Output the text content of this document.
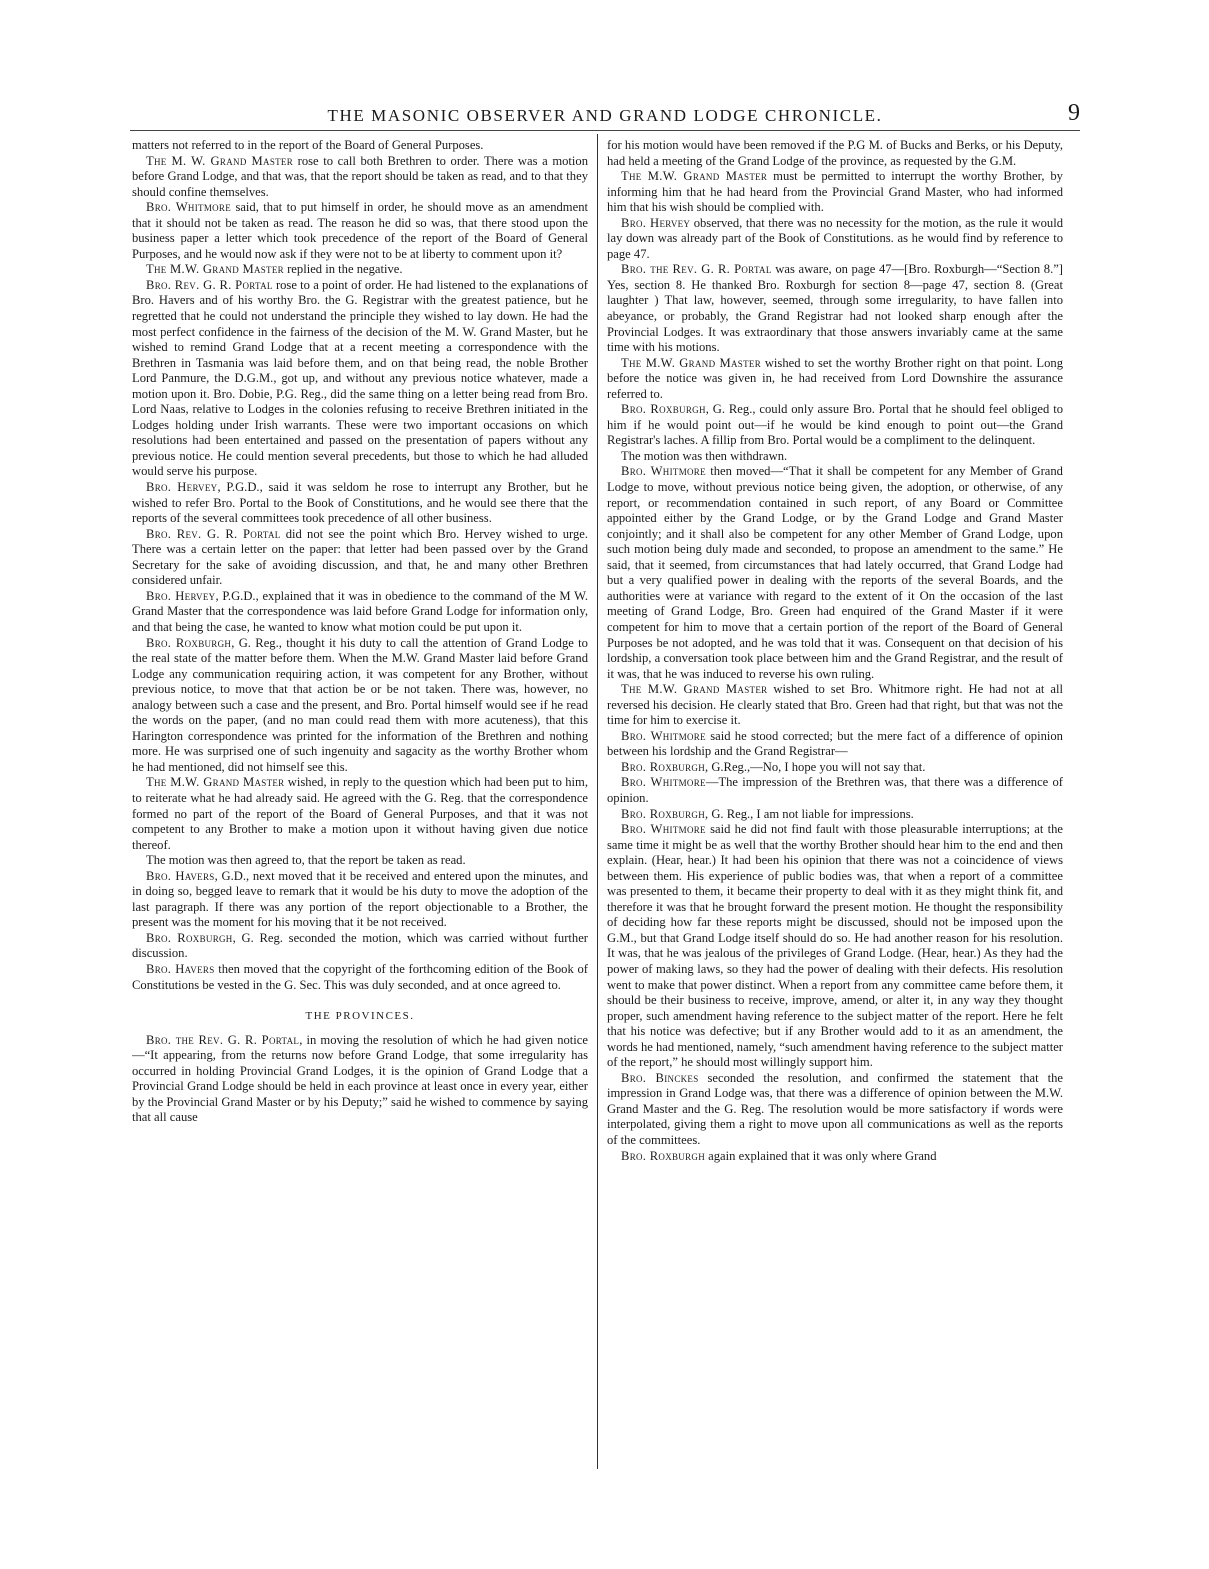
THE MASONIC OBSERVER AND GRAND LODGE CHRONICLE.	9

matters not referred to in the report of the Board of General Purposes.

The M. W. Grand Master rose to call both Brethren to order. There was a motion before Grand Lodge, and that was, that the report should be taken as read, and to that they should confine themselves.

Bro. Whitmore said, that to put himself in order, he should move as an amendment that it should not be taken as read. The reason he did so was, that there stood upon the business paper a letter which took precedence of the report of the Board of General Purposes, and he would now ask if they were not to be at liberty to comment upon it?

The M.W. Grand Master replied in the negative.

Bro. Rev. G. R. Portal rose to a point of order. He had listened to the explanations of Bro. Havers and of his worthy Bro. the G. Registrar with the greatest patience, but he regretted that he could not understand the principle they wished to lay down. He had the most perfect confidence in the fairness of the decision of the M. W. Grand Master, but he wished to remind Grand Lodge that at a recent meeting a correspondence with the Brethren in Tasmania was laid before them, and on that being read, the noble Brother Lord Panmure, the D.G.M., got up, and without any previous notice whatever, made a motion upon it. Bro. Dobie, P.G. Reg., did the same thing on a letter being read from Bro. Lord Naas, relative to Lodges in the colonies refusing to receive Brethren initiated in the Lodges holding under Irish warrants. These were two important occasions on which resolutions had been entertained and passed on the presentation of papers without any previous notice. He could mention several precedents, but those to which he had alluded would serve his purpose.

Bro. Hervey, P.G.D., said it was seldom he rose to interrupt any Brother, but he wished to refer Bro. Portal to the Book of Constitutions, and he would see there that the reports of the several committees took precedence of all other business.

Bro. Rev. G. R. Portal did not see the point which Bro. Hervey wished to urge. There was a certain letter on the paper: that letter had been passed over by the Grand Secretary for the sake of avoiding discussion, and that, he and many other Brethren considered unfair.

Bro. Hervey, P.G.D., explained that it was in obedience to the command of the M W. Grand Master that the correspondence was laid before Grand Lodge for information only, and that being the case, he wanted to know what motion could be put upon it.

Bro. Roxburgh, G. Reg., thought it his duty to call the attention of Grand Lodge to the real state of the matter before them. When the M.W. Grand Master laid before Grand Lodge any communication requiring action, it was competent for any Brother, without previous notice, to move that that action be or be not taken. There was, however, no analogy between such a case and the present, and Bro. Portal himself would see if he read the words on the paper, (and no man could read them with more acuteness), that this Harington correspondence was printed for the information of the Brethren and nothing more. He was surprised one of such ingenuity and sagacity as the worthy Brother whom he had mentioned, did not himself see this.

The M.W. Grand Master wished, in reply to the question which had been put to him, to reiterate what he had already said. He agreed with the G. Reg. that the correspondence formed no part of the report of the Board of General Purposes, and that it was not competent to any Brother to make a motion upon it without having given due notice thereof.

The motion was then agreed to, that the report be taken as read.

Bro. Havers, G.D., next moved that it be received and entered upon the minutes, and in doing so, begged leave to remark that it would be his duty to move the adoption of the last paragraph. If there was any portion of the report objectionable to a Brother, the present was the moment for his moving that it be not received.

Bro. Roxburgh, G. Reg. seconded the motion, which was carried without further discussion.

Bro. Havers then moved that the copyright of the forthcoming edition of the Book of Constitutions be vested in the G. Sec. This was duly seconded, and at once agreed to.

THE PROVINCES.

Bro. the Rev. G. R. Portal, in moving the resolution of which he had given notice—“It appearing, from the returns now before Grand Lodge, that some irregularity has occurred in holding Provincial Grand Lodges, it is the opinion of Grand Lodge that a Provincial Grand Lodge should be held in each province at least once in every year, either by the Provincial Grand Master or by his Deputy;” said he wished to commence by saying that all cause

for his motion would have been removed if the P.G M. of Bucks and Berks, or his Deputy, had held a meeting of the Grand Lodge of the province, as requested by the G.M.

The M.W. Grand Master must be permitted to interrupt the worthy Brother, by informing him that he had heard from the Provincial Grand Master, who had informed him that his wish should be complied with.

Bro. Hervey observed, that there was no necessity for the motion, as the rule it would lay down was already part of the Book of Constitutions. as he would find by reference to page 47.

Bro. the Rev. G. R. Portal was aware, on page 47—[Bro. Roxburgh—“Section 8.”] Yes, section 8. He thanked Bro. Roxburgh for section 8—page 47, section 8. (Great laughter ) That law, however, seemed, through some irregularity, to have fallen into abeyance, or probably, the Grand Registrar had not looked sharp enough after the Provincial Lodges. It was extraordinary that those answers invariably came at the same time with his motions.

The M.W. Grand Master wished to set the worthy Brother right on that point. Long before the notice was given in, he had received from Lord Downshire the assurance referred to.

Bro. Roxburgh, G. Reg., could only assure Bro. Portal that he should feel obliged to him if he would point out—if he would be kind enough to point out—the Grand Registrar's laches. A fillip from Bro. Portal would be a compliment to the delinquent.

The motion was then withdrawn.

Bro. Whitmore then moved—“That it shall be competent for any Member of Grand Lodge to move, without previous notice being given, the adoption, or otherwise, of any report, or recommendation contained in such report, of any Board or Committee appointed either by the Grand Lodge, or by the Grand Lodge and Grand Master conjointly; and it shall also be competent for any other Member of Grand Lodge, upon such motion being duly made and seconded, to propose an amendment to the same.” He said, that it seemed, from circumstances that had lately occurred, that Grand Lodge had but a very qualified power in dealing with the reports of the several Boards, and the authorities were at variance with regard to the extent of it On the occasion of the last meeting of Grand Lodge, Bro. Green had enquired of the Grand Master if it were competent for him to move that a certain portion of the report of the Board of General Purposes be not adopted, and he was told that it was. Consequent on that decision of his lordship, a conversation took place between him and the Grand Registrar, and the result of it was, that he was induced to reverse his own ruling.

The M.W. Grand Master wished to set Bro. Whitmore right. He had not at all reversed his decision. He clearly stated that Bro. Green had that right, but that was not the time for him to exercise it.

Bro. Whitmore said he stood corrected; but the mere fact of a difference of opinion between his lordship and the Grand Registrar—

Bro. Roxburgh, G.Reg.,—No, I hope you will not say that.

Bro. Whitmore—The impression of the Brethren was, that there was a difference of opinion.

Bro. Roxburgh, G. Reg., I am not liable for impressions.

Bro. Whitmore said he did not find fault with those pleasurable interruptions; at the same time it might be as well that the worthy Brother should hear him to the end and then explain. (Hear, hear.) It had been his opinion that there was not a coincidence of views between them. His experience of public bodies was, that when a report of a committee was presented to them, it became their property to deal with it as they might think fit, and therefore it was that he brought forward the present motion. He thought the responsibility of deciding how far these reports might be discussed, should not be imposed upon the G.M., but that Grand Lodge itself should do so. He had another reason for his resolution. It was, that he was jealous of the privileges of Grand Lodge. (Hear, hear.) As they had the power of making laws, so they had the power of dealing with their defects. His resolution went to make that power distinct. When a report from any committee came before them, it should be their business to receive, improve, amend, or alter it, in any way they thought proper, such amendment having reference to the subject matter of the report. Here he felt that his notice was defective; but if any Brother would add to it as an amendment, the words he had mentioned, namely, “such amendment having reference to the subject matter of the report,” he should most willingly support him.

Bro. Binckes seconded the resolution, and confirmed the statement that the impression in Grand Lodge was, that there was a difference of opinion between the M.W. Grand Master and the G. Reg. The resolution would be more satisfactory if words were interpolated, giving them a right to move upon all communications as well as the reports of the committees.

Bro. Roxburgh again explained that it was only where Grand
